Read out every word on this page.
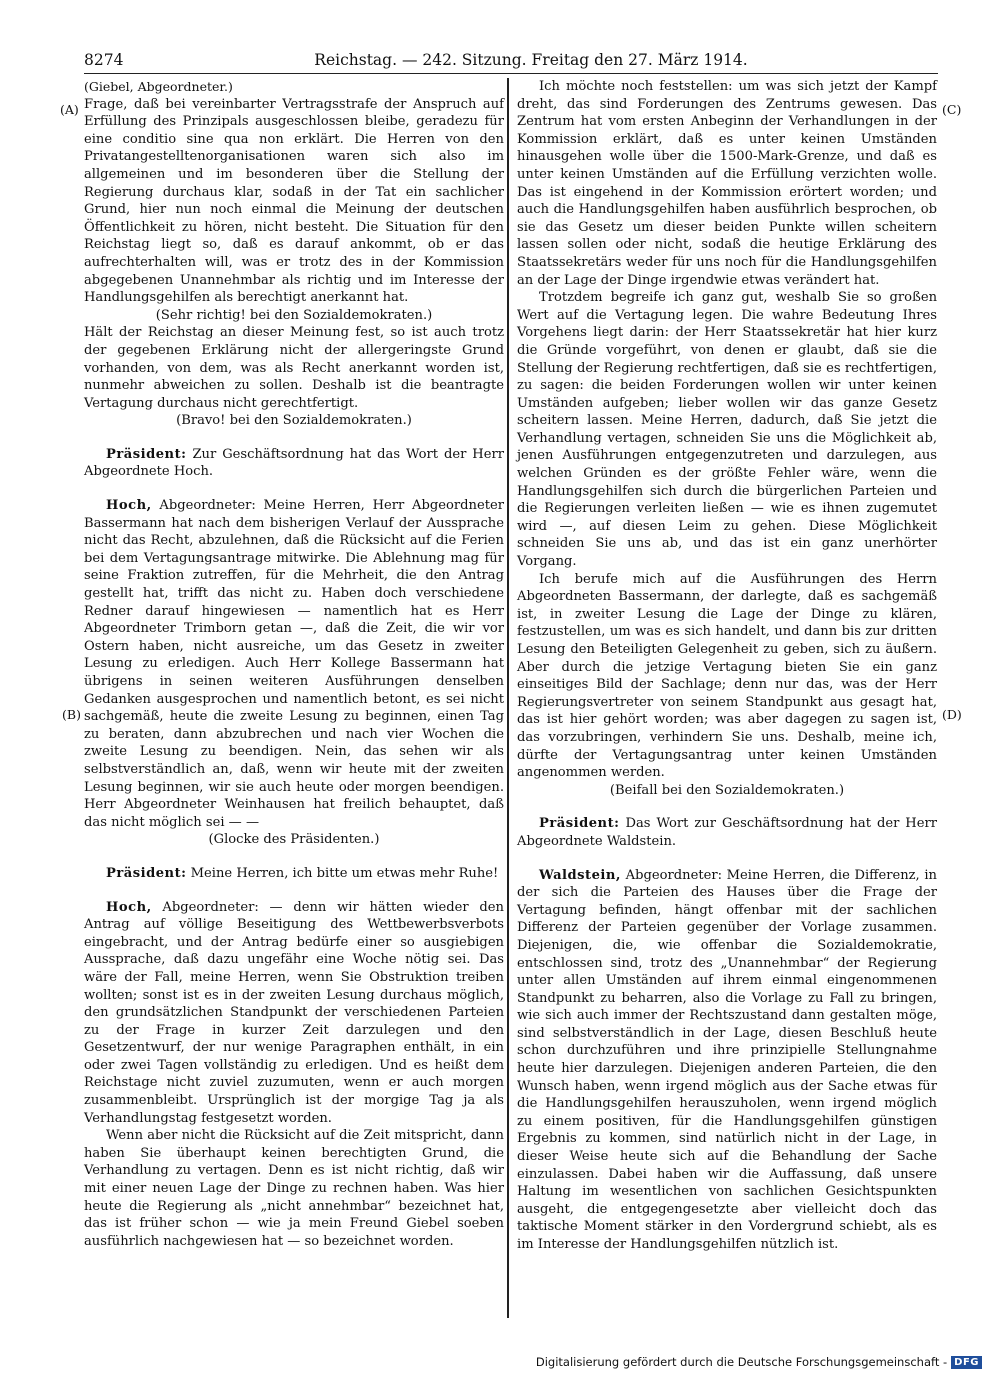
8274	Reichstag. — 242. Sitzung. Freitag den 27. März 1914.
(A)
(B)
(C)
(D)

(Giebel, Abgeordneter.)

Frage, daß bei vereinbarter Vertragsstrafe der Anspruch auf Erfüllung des Prinzipals ausgeschlossen bleibe, geradezu für eine conditio sine qua non erklärt. Die Herren von den Privatangestelltenorganisationen waren sich also im allgemeinen und im besonderen über die Stellung der Regierung durchaus klar, sodaß in der Tat ein sachlicher Grund, hier nun noch einmal die Meinung der deutschen Öffentlichkeit zu hören, nicht besteht. Die Situation für den Reichstag liegt so, daß es darauf ankommt, ob er das aufrechterhalten will, was er trotz des in der Kommission abgegebenen Unannehmbar als richtig und im Interesse der Handlungsgehilfen als berechtigt anerkannt hat.

(Sehr richtig! bei den Sozialdemokraten.)

Hält der Reichstag an dieser Meinung fest, so ist auch trotz der gegebenen Erklärung nicht der allergeringste Grund vorhanden, von dem, was als Recht anerkannt worden ist, nunmehr abweichen zu sollen. Deshalb ist die beantragte Vertagung durchaus nicht gerechtfertigt.

(Bravo! bei den Sozialdemokraten.)

Präsident: Zur Geschäftsordnung hat das Wort der Herr Abgeordnete Hoch.

Hoch, Abgeordneter: Meine Herren, Herr Abgeordneter Bassermann hat nach dem bisherigen Verlauf der Aussprache nicht das Recht, abzulehnen, daß die Rücksicht auf die Ferien bei dem Vertagungsantrage mitwirke. Die Ablehnung mag für seine Fraktion zutreffen, für die Mehrheit, die den Antrag gestellt hat, trifft das nicht zu. Haben doch verschiedene Redner darauf hingewiesen — namentlich hat es Herr Abgeordneter Trimborn getan —, daß die Zeit, die wir vor Ostern haben, nicht ausreiche, um das Gesetz in zweiter Lesung zu erledigen. Auch Herr Kollege Bassermann hat übrigens in seinen weiteren Ausführungen denselben Gedanken ausgesprochen und namentlich betont, es sei nicht sachgemäß, heute die zweite Lesung zu beginnen, einen Tag zu beraten, dann abzubrechen und nach vier Wochen die zweite Lesung zu beendigen. Nein, das sehen wir als selbstverständlich an, daß, wenn wir heute mit der zweiten Lesung beginnen, wir sie auch heute oder morgen beendigen. Herr Abgeordneter Weinhausen hat freilich behauptet, daß das nicht möglich sei — —

(Glocke des Präsidenten.)

Präsident: Meine Herren, ich bitte um etwas mehr Ruhe!

Hoch, Abgeordneter: — denn wir hätten wieder den Antrag auf völlige Beseitigung des Wettbewerbsverbots eingebracht, und der Antrag bedürfe einer so ausgiebigen Aussprache, daß dazu ungefähr eine Woche nötig sei. Das wäre der Fall, meine Herren, wenn Sie Obstruktion treiben wollten; sonst ist es in der zweiten Lesung durchaus möglich, den grundsätzlichen Standpunkt der verschiedenen Parteien zu der Frage in kurzer Zeit darzulegen und den Gesetzentwurf, der nur wenige Paragraphen enthält, in ein oder zwei Tagen vollständig zu erledigen. Und es heißt dem Reichstage nicht zuviel zuzumuten, wenn er auch morgen zusammenbleibt. Ursprünglich ist der morgige Tag ja als Verhandlungstag festgesetzt worden.

Wenn aber nicht die Rücksicht auf die Zeit mitspricht, dann haben Sie überhaupt keinen berechtigten Grund, die Verhandlung zu vertagen. Denn es ist nicht richtig, daß wir mit einer neuen Lage der Dinge zu rechnen haben. Was hier heute die Regierung als „nicht annehmbar“ bezeichnet hat, das ist früher schon — wie ja mein Freund Giebel soeben ausführlich nachgewiesen hat — so bezeichnet worden.

Ich möchte noch feststellen: um was sich jetzt der Kampf dreht, das sind Forderungen des Zentrums gewesen. Das Zentrum hat vom ersten Anbeginn der Verhandlungen in der Kommission erklärt, daß es unter keinen Umständen hinausgehen wolle über die 1500-Mark-Grenze, und daß es unter keinen Umständen auf die Erfüllung verzichten wolle. Das ist eingehend in der Kommission erörtert worden; und auch die Handlungsgehilfen haben ausführlich besprochen, ob sie das Gesetz um dieser beiden Punkte willen scheitern lassen sollen oder nicht, sodaß die heutige Erklärung des Staatssekretärs weder für uns noch für die Handlungsgehilfen an der Lage der Dinge irgendwie etwas verändert hat.

Trotzdem begreife ich ganz gut, weshalb Sie so großen Wert auf die Vertagung legen. Die wahre Bedeutung Ihres Vorgehens liegt darin: der Herr Staatssekretär hat hier kurz die Gründe vorgeführt, von denen er glaubt, daß sie die Stellung der Regierung rechtfertigen, daß sie es rechtfertigen, zu sagen: die beiden Forderungen wollen wir unter keinen Umständen aufgeben; lieber wollen wir das ganze Gesetz scheitern lassen. Meine Herren, dadurch, daß Sie jetzt die Verhandlung vertagen, schneiden Sie uns die Möglichkeit ab, jenen Ausführungen entgegenzutreten und darzulegen, aus welchen Gründen es der größte Fehler wäre, wenn die Handlungsgehilfen sich durch die bürgerlichen Parteien und die Regierungen verleiten ließen — wie es ihnen zugemutet wird —, auf diesen Leim zu gehen. Diese Möglichkeit schneiden Sie uns ab, und das ist ein ganz unerhörter Vorgang.

Ich berufe mich auf die Ausführungen des Herrn Abgeordneten Bassermann, der darlegte, daß es sachgemäß ist, in zweiter Lesung die Lage der Dinge zu klären, festzustellen, um was es sich handelt, und dann bis zur dritten Lesung den Beteiligten Gelegenheit zu geben, sich zu äußern. Aber durch die jetzige Vertagung bieten Sie ein ganz einseitiges Bild der Sachlage; denn nur das, was der Herr Regierungsvertreter von seinem Standpunkt aus gesagt hat, das ist hier gehört worden; was aber dagegen zu sagen ist, das vorzubringen, verhindern Sie uns. Deshalb, meine ich, dürfte der Vertagungsantrag unter keinen Umständen angenommen werden.

(Beifall bei den Sozialdemokraten.)

Präsident: Das Wort zur Geschäftsordnung hat der Herr Abgeordnete Waldstein.

Waldstein, Abgeordneter: Meine Herren, die Differenz, in der sich die Parteien des Hauses über die Frage der Vertagung befinden, hängt offenbar mit der sachlichen Differenz der Parteien gegenüber der Vorlage zusammen. Diejenigen, die, wie offenbar die Sozialdemokratie, entschlossen sind, trotz des „Unannehmbar“ der Regierung unter allen Umständen auf ihrem einmal eingenommenen Standpunkt zu beharren, also die Vorlage zu Fall zu bringen, wie sich auch immer der Rechtszustand dann gestalten möge, sind selbstverständlich in der Lage, diesen Beschluß heute schon durchzuführen und ihre prinzipielle Stellungnahme heute hier darzulegen. Diejenigen anderen Parteien, die den Wunsch haben, wenn irgend möglich aus der Sache etwas für die Handlungsgehilfen herauszuholen, wenn irgend möglich zu einem positiven, für die Handlungsgehilfen günstigen Ergebnis zu kommen, sind natürlich nicht in der Lage, in dieser Weise heute sich auf die Behandlung der Sache einzulassen. Dabei haben wir die Auffassung, daß unsere Haltung im wesentlichen von sachlichen Gesichtspunkten ausgeht, die entgegengesetzte aber vielleicht doch das taktische Moment stärker in den Vordergrund schiebt, als es im Interesse der Handlungsgehilfen nützlich ist.

Digitalisierung gefördert durch die Deutsche Forschungsgemeinschaft - DFG
